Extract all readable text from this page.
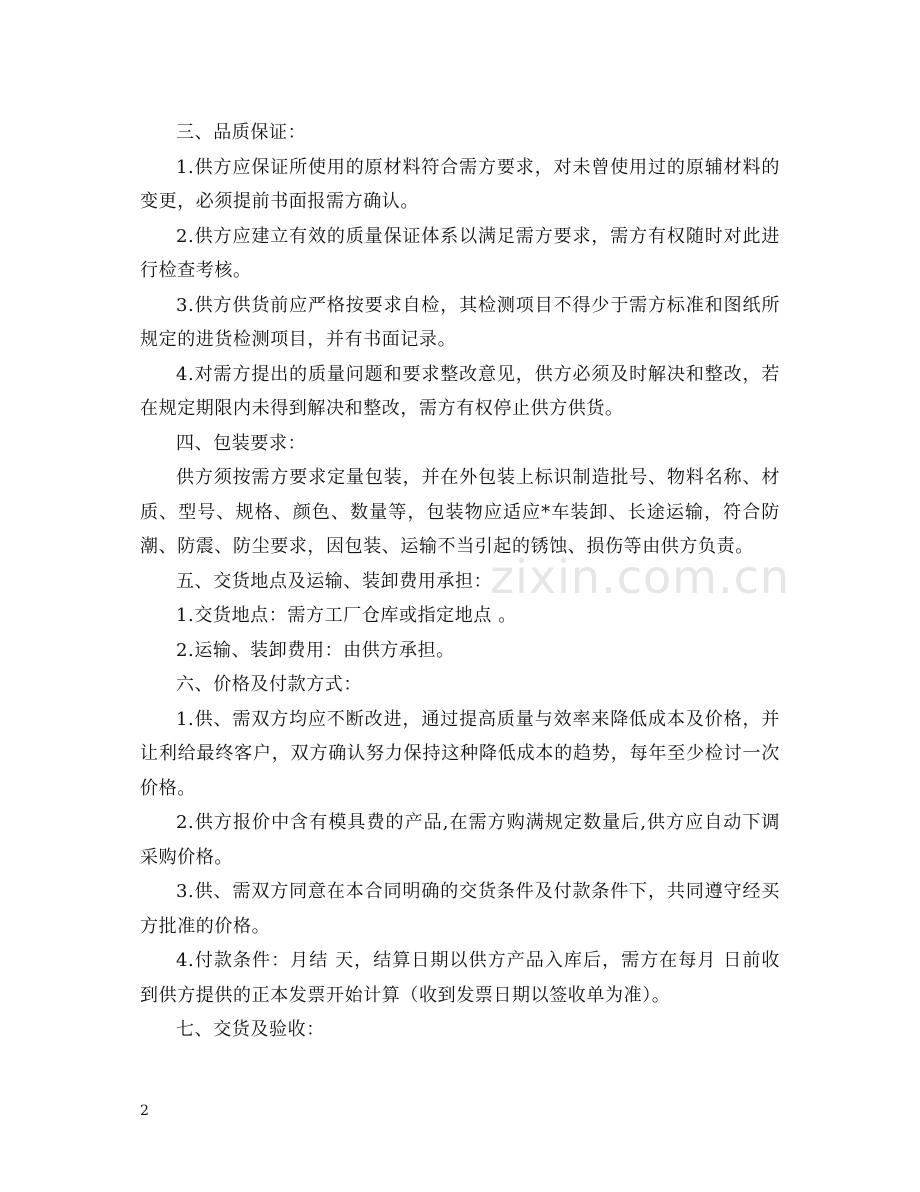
三、品质保证：

1.供方应保证所使用的原材料符合需方要求，对未曾使用过的原辅材料的变更，必须提前书面报需方确认。

2.供方应建立有效的质量保证体系以满足需方要求，需方有权随时对此进行检查考核。

3.供方供货前应严格按要求自检，其检测项目不得少于需方标准和图纸所规定的进货检测项目，并有书面记录。

4.对需方提出的质量问题和要求整改意见，供方必须及时解决和整改，若在规定期限内未得到解决和整改，需方有权停止供方供货。

四、包装要求：

供方须按需方要求定量包装，并在外包装上标识制造批号、物料名称、材质、型号、规格、颜色、数量等，包装物应适应*车装卸、长途运输，符合防潮、防震、防尘要求，因包装、运输不当引起的锈蚀、损伤等由供方负责。

五、交货地点及运输、装卸费用承担：

1.交货地点：需方工厂仓库或指定地点 。

2.运输、装卸费用：由供方承担。

六、价格及付款方式：

1.供、需双方均应不断改进，通过提高质量与效率来降低成本及价格，并让利给最终客户，双方确认努力保持这种降低成本的趋势，每年至少检讨一次价格。

2.供方报价中含有模具费的产品,在需方购满规定数量后,供方应自动下调采购价格。

3.供、需双方同意在本合同明确的交货条件及付款条件下，共同遵守经买方批准的价格。

4.付款条件：月结 天，结算日期以供方产品入库后，需方在每月 日前收到供方提供的正本发票开始计算（收到发票日期以签收单为准）。

七、交货及验收：

zixin.com.cn
2
